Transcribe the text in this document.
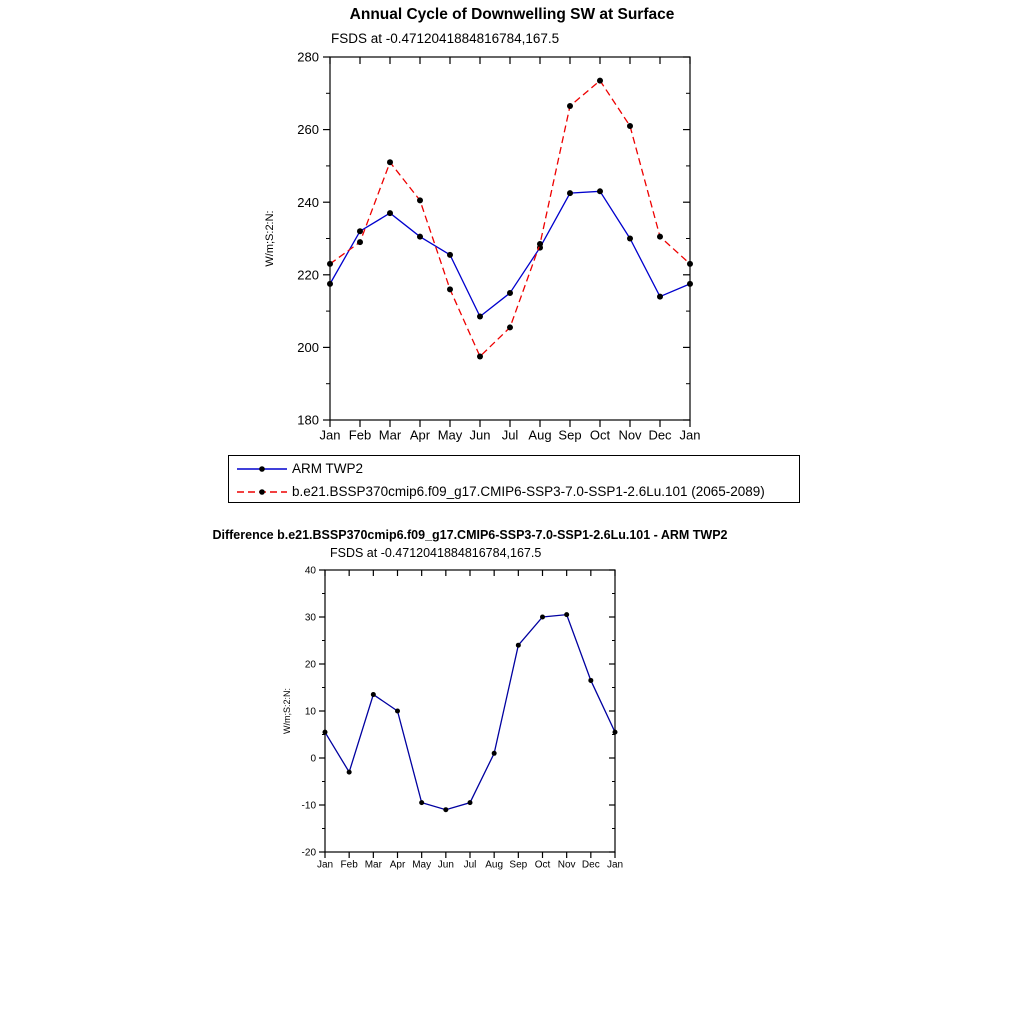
Annual Cycle of Downwelling SW at Surface
FSDS at -0.4712041884816784,167.5
180
200
220
240
260
280
Jan Feb Mar Apr May Jun Jul Aug Sep Oct Nov Dec Jan
W/m;S:2:N:
ARM TWP2
b.e21.BSSP370cmip6.f09_g17.CMIP6-SSP3-7.0-SSP1-2.6Lu.101 (2065-2089)
Difference b.e21.BSSP370cmip6.f09_g17.CMIP6-SSP3-7.0-SSP1-2.6Lu.101 - ARM TWP2
FSDS at -0.4712041884816784,167.5
-20
-10
0
10
20
30
40
Jan Feb Mar Apr May Jun Jul Aug Sep Oct Nov Dec Jan
W/m;S:2:N:
